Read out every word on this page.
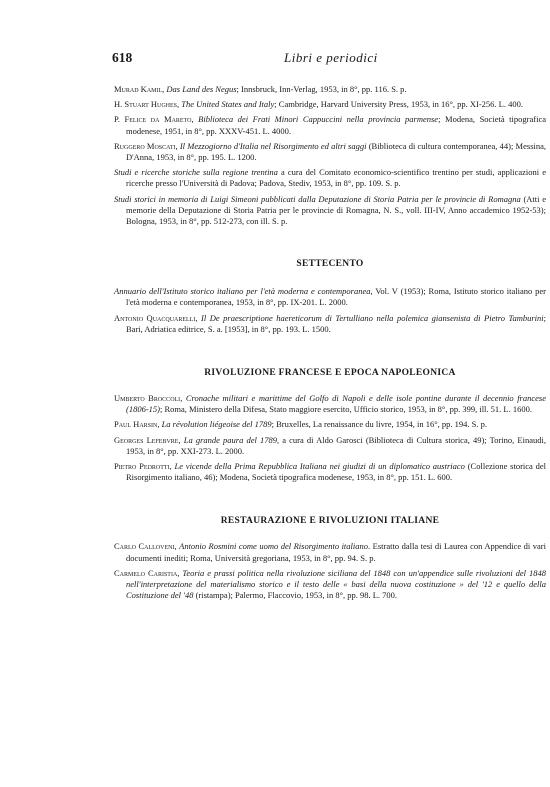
618	Libri e periodici

Murad Kamil, Das Land des Negus; Innsbruck, Inn-Verlag, 1953, in 8°, pp. 116. S. p.

H. Stuart Hughes, The United States and Italy; Cambridge, Harvard University Press, 1953, in 16°, pp. XI-256. L. 400.

P. Felice da Mareto, Biblioteca dei Frati Minori Cappuccini nella provincia parmense; Modena, Società tipografica modenese, 1951, in 8°, pp. XXXV-451. L. 4000.

Ruggero Moscati, Il Mezzogiorno d'Italia nel Risorgimento ed altri saggi (Biblioteca di cultura contemporanea, 44); Messina, D'Anna, 1953, in 8°, pp. 195. L. 1200.

Studi e ricerche storiche sulla regione trentina a cura del Comitato economico-scientifico trentino per studi, applicazioni e ricerche presso l'Università di Padova; Padova, Stediv, 1953, in 8°, pp. 109. S. p.

Studi storici in memoria di Luigi Simeoni pubblicati dalla Deputazione di Storia Patria per le provincie di Romagna (Atti e memorie della Deputazione di Storia Patria per le provincie di Romagna, N. S., voll. III-IV, Anno accademico 1952-53); Bologna, 1953, in 8°, pp. 512-273, con ill. S. p.

SETTECENTO

Annuario dell'Istituto storico italiano per l'età moderna e contemporanea, Vol. V (1953); Roma, Istituto storico italiano per l'età moderna e contemporanea, 1953, in 8°, pp. IX-201. L. 2000.

Antonio Quacquarelli, Il De praescriptione haereticorum di Tertulliano nella polemica giansenista di Pietro Tamburini; Bari, Adriatica editrice, S. a. [1953], in 8°, pp. 193. L. 1500.

RIVOLUZIONE FRANCESE E EPOCA NAPOLEONICA

Umberto Broccoli, Cronache militari e marittime del Golfo di Napoli e delle isole pontine durante il decennio francese (1806-15); Roma, Ministero della Difesa, Stato maggiore esercito, Ufficio storico, 1953, in 8°, pp. 399, ill. 51. L. 1600.

Paul Harsin, La révolution liégeoise del 1789; Bruxelles, La renaissance du livre, 1954, in 16°, pp. 194. S. p.

Georges Lefebvre, La grande paura del 1789, a cura di Aldo Garosci (Biblioteca di Cultura storica, 49); Torino, Einaudi, 1953, in 8°, pp. XXI-273. L. 2000.

Pietro Pedrotti, Le vicende della Prima Repubblica Italiana nei giudizi di un diplomatico austriaco (Collezione storica del Risorgimento italiano, 46); Modena, Società tipografica modenese, 1953, in 8°, pp. 151. L. 600.

RESTAURAZIONE E RIVOLUZIONI ITALIANE

Carlo Calloveni, Antonio Rosmini come uomo del Risorgimento italiano. Estratto dalla tesi di Laurea con Appendice di vari documenti inediti; Roma, Università gregoriana, 1953, in 8°, pp. 94. S. p.

Carmelo Caristia, Teoria e prassi politica nella rivoluzione siciliana del 1848 con un'appendice sulle rivoluzioni del 1848 nell'interpretazione del materialismo storico e il testo delle « basi della nuova costituzione » del '12 e quello della Costituzione del '48 (ristampa); Palermo, Flaccovio, 1953, in 8°, pp. 98. L. 700.
